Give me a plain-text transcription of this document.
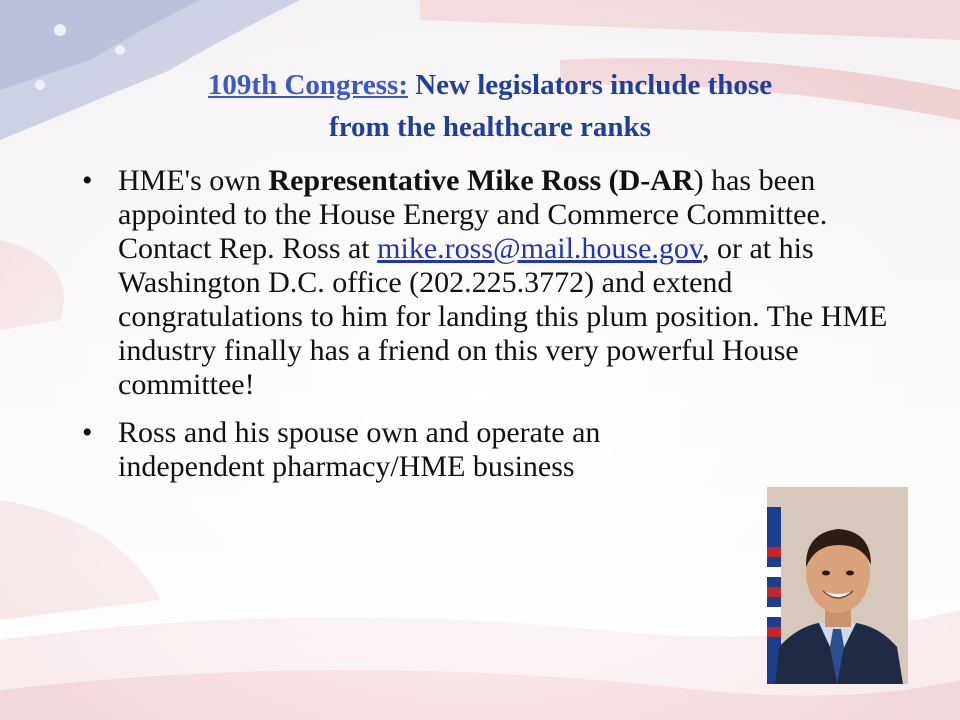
109th Congress: New legislators include those
from the healthcare ranks
• HME's own Representative Mike Ross (D-AR) has been appointed to the House Energy and Commerce Committee. Contact Rep. Ross at mike.ross@mail.house.gov, or at his Washington D.C. office (202.225.3772) and extend congratulations to him for landing this plum position. The HME industry finally has a friend on this very powerful House committee!
• Ross and his spouse own and operate an independent pharmacy/HME business
